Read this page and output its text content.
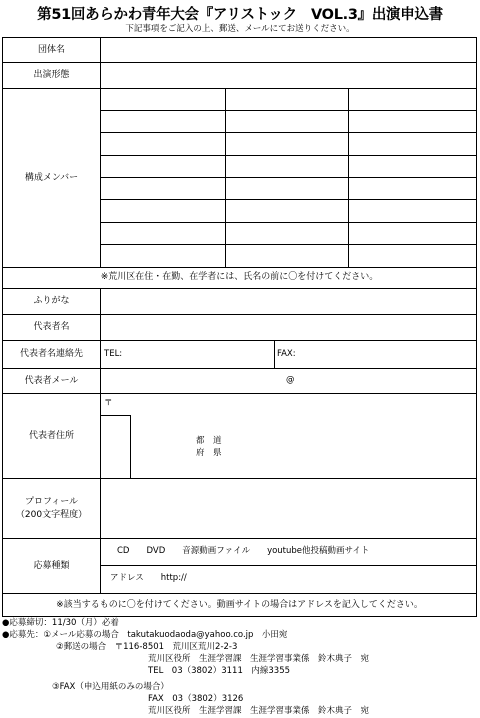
第51回あらかわ青年大会『アリストック　VOL.3』出演申込書
下記事項をご記入の上、郵送、メールにてお送りください。
団体名
出演形態
構成メンバー
ふりがな
代表者名
代表者名連絡先
代表者メール
代表者住所
プロフィール
（200文字程度）
応募種類
※荒川区在住・在勤、在学者には、氏名の前に〇を付けてください。
TEL:	FAX:
@
〒
都　道
府　県
CD　　DVD　　音源動画ファイル　　youtube他投稿動画サイト
アドレス　　http://
※該当するものに〇を付けてください。動画サイトの場合はアドレスを記入してください。
●応募締切：11/30（月）必着
●応募先：①メール応募の場合　takutakuodaoda@yahoo.co.jp　小田宛
②郵送の場合　〒116-8501　荒川区荒川2-2-3
荒川区役所　生涯学習課　生涯学習事業係　鈴木典子　宛
TEL　03（3802）3111　内線3355
③FAX（申込用紙のみの場合）
FAX　03（3802）3126
荒川区役所　生涯学習課　生涯学習事業係　鈴木典子　宛
